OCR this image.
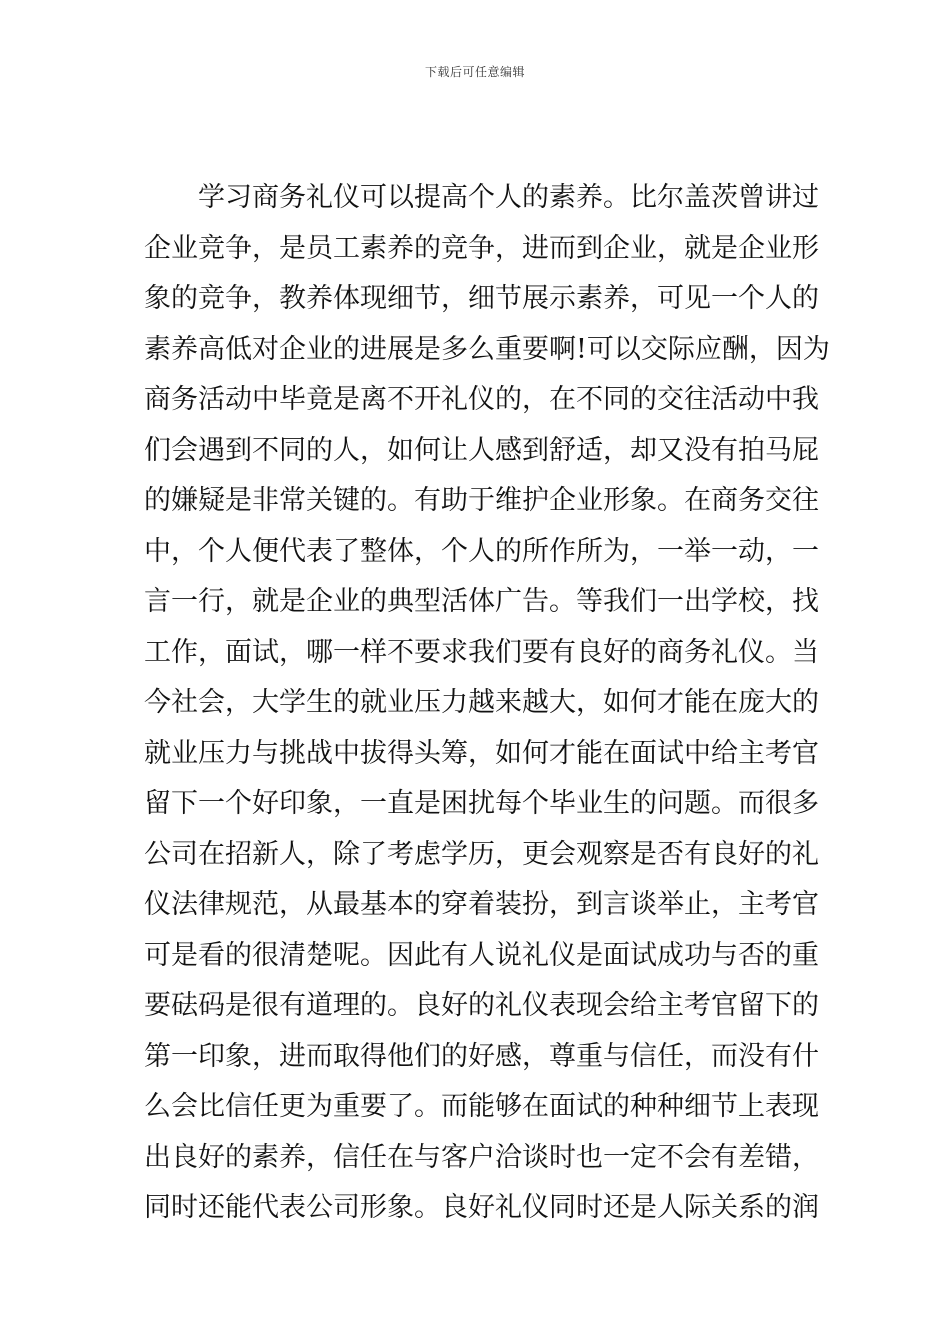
下载后可任意编辑
学习商务礼仪可以提高个人的素养。比尔盖茨曾讲过
企业竞争，是员工素养的竞争，进而到企业，就是企业形
象的竞争，教养体现细节，细节展示素养，可见一个人的
素养高低对企业的进展是多么重要啊!可以交际应酬，因为
商务活动中毕竟是离不开礼仪的，在不同的交往活动中我
们会遇到不同的人，如何让人感到舒适，却又没有拍马屁
的嫌疑是非常关键的。有助于维护企业形象。在商务交往
中，个人便代表了整体，个人的所作所为，一举一动，一
言一行，就是企业的典型活体广告。等我们一出学校，找
工作，面试，哪一样不要求我们要有良好的商务礼仪。当
今社会，大学生的就业压力越来越大，如何才能在庞大的
就业压力与挑战中拔得头筹，如何才能在面试中给主考官
留下一个好印象，一直是困扰每个毕业生的问题。而很多
公司在招新人，除了考虑学历，更会观察是否有良好的礼
仪法律规范，从最基本的穿着装扮，到言谈举止，主考官
可是看的很清楚呢。因此有人说礼仪是面试成功与否的重
要砝码是很有道理的。良好的礼仪表现会给主考官留下的
第一印象，进而取得他们的好感，尊重与信任，而没有什
么会比信任更为重要了。而能够在面试的种种细节上表现
出良好的素养，信任在与客户洽谈时也一定不会有差错，
同时还能代表公司形象。良好礼仪同时还是人际关系的润
